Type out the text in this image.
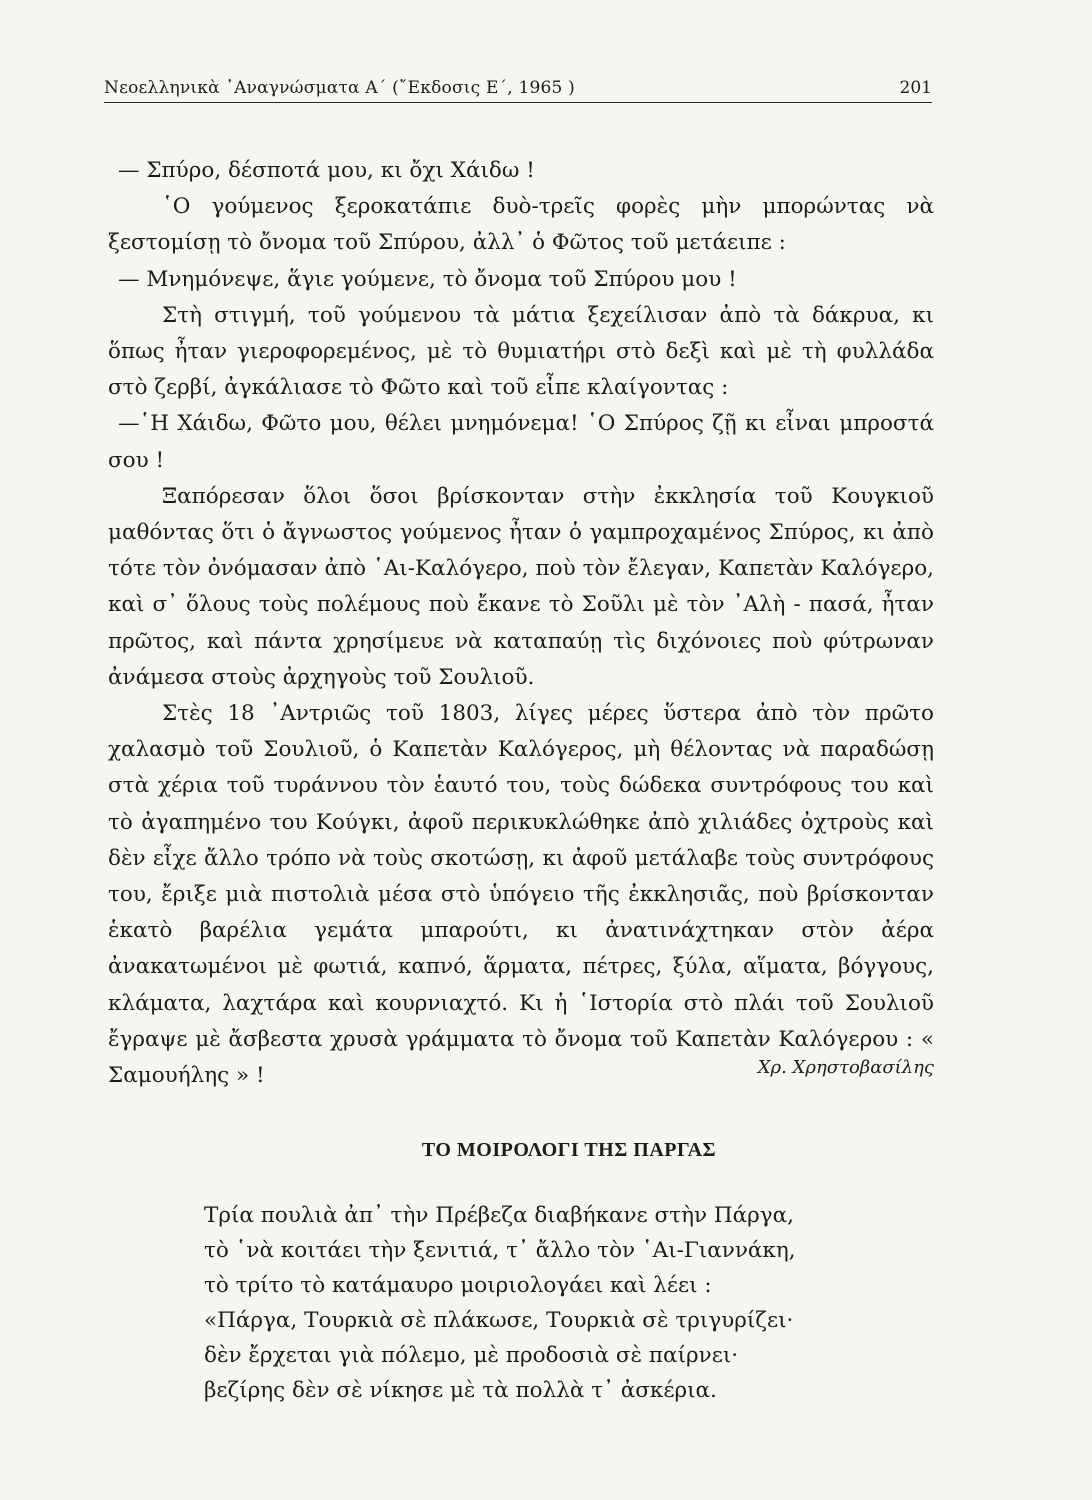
Νεοελληνικὰ ᾿Αναγνώσματα Α΄ (῎Εκδοσις Ε΄, 1965 )	201

— Σπύρο, δέσποτά μου, κι ὄχι Χάιδω !

῾Ο γούμενος ξεροκατάπιε δυὸ-τρεῖς φορὲς μὴν μπορώντας νὰ ξεστομίσῃ τὸ ὄνομα τοῦ Σπύρου, ἀλλ᾿ ὁ Φῶτος τοῦ μετάειπε :

— Μνημόνεψε, ἅγιε γούμενε, τὸ ὄνομα τοῦ Σπύρου μου !

Στὴ στιγμή, τοῦ γούμενου τὰ μάτια ξεχείλισαν ἀπὸ τὰ δάκρυα, κι ὅπως ἦταν γιεροφορεμένος, μὲ τὸ θυμιατήρι στὸ δεξὶ καὶ μὲ τὴ φυλλάδα στὸ ζερβί, ἀγκάλιασε τὸ Φῶτο καὶ τοῦ εἶπε κλαίγοντας :

—῾Η Χάιδω, Φῶτο μου, θέλει μνημόνεμα! ῾Ο Σπύρος ζῇ κι εἶναι μπροστά σου !

Ξαπόρεσαν ὅλοι ὅσοι βρίσκονταν στὴν ἐκκλησία τοῦ Κουγκιοῦ μαθόντας ὅτι ὁ ἄγνωστος γούμενος ἦταν ὁ γαμπροχαμένος Σπύρος, κι ἀπὸ τότε τὸν ὀνόμασαν ἀπὸ ῾Αι-Καλόγερο, ποὺ τὸν ἔλεγαν, Καπετὰν Καλόγερο, καὶ σ᾿ ὅλους τοὺς πολέμους ποὺ ἔκανε τὸ Σοῦλι μὲ τὸν ᾿Αλὴ - πασά, ἦταν πρῶτος, καὶ πάντα χρησίμευε νὰ καταπαύῃ τὶς διχόνοιες ποὺ φύτρωναν ἀνάμεσα στοὺς ἀρχηγοὺς τοῦ Σουλιοῦ.

Στὲς 18 ᾿Αντριῶς τοῦ 1803, λίγες μέρες ὕστερα ἀπὸ τὸν πρῶτο χαλασμὸ τοῦ Σουλιοῦ, ὁ Καπετὰν Καλόγερος, μὴ θέλοντας νὰ παραδώσῃ στὰ χέρια τοῦ τυράννου τὸν ἑαυτό του, τοὺς δώδεκα συντρόφους του καὶ τὸ ἀγαπημένο του Κούγκι, ἀφοῦ περικυκλώθηκε ἀπὸ χιλιάδες ὀχτροὺς καὶ δὲν εἶχε ἄλλο τρόπο νὰ τοὺς σκοτώσῃ, κι ἀφοῦ μετάλαβε τοὺς συντρόφους του, ἔριξε μιὰ πιστολιὰ μέσα στὸ ὑπόγειο τῆς ἐκκλησιᾶς, ποὺ βρίσκονταν ἑκατὸ βαρέλια γεμάτα μπαρούτι, κι ἀνατινάχτηκαν στὸν ἀέρα ἀνακατωμένοι μὲ φωτιά, καπνό, ἅρματα, πέτρες, ξύλα, αἵματα, βόγγους, κλάματα, λαχτάρα καὶ κουρνιαχτό. Κι ἡ ῾Ιστορία στὸ πλάι τοῦ Σουλιοῦ ἔγραψε μὲ ἄσβεστα χρυσὰ γράμματα τὸ ὄνομα τοῦ Καπετὰν Καλόγερου : « Σαμουήλης » !	Χρ. Χρηστοβασίλης
ΤΟ ΜΟΙΡΟΛΟΓΙ ΤΗΣ ΠΑΡΓΑΣ
Τρία πουλιὰ ἀπ᾿ τὴν Πρέβεζα διαβήκανε στὴν Πάργα,
τὸ ῾νὰ κοιτάει τὴν ξενιτιά, τ᾿ ἄλλο τὸν ῾Αι-Γιαννάκη,
τὸ τρίτο τὸ κατάμαυρο μοιριολογάει καὶ λέει :
«Πάργα, Τουρκιὰ σὲ πλάκωσε, Τουρκιὰ σὲ τριγυρίζει·
δὲν ἔρχεται γιὰ πόλεμο, μὲ προδοσιὰ σὲ παίρνει·
βεζίρης δὲν σὲ νίκησε μὲ τὰ πολλὰ τ᾿ ἀσκέρια.
